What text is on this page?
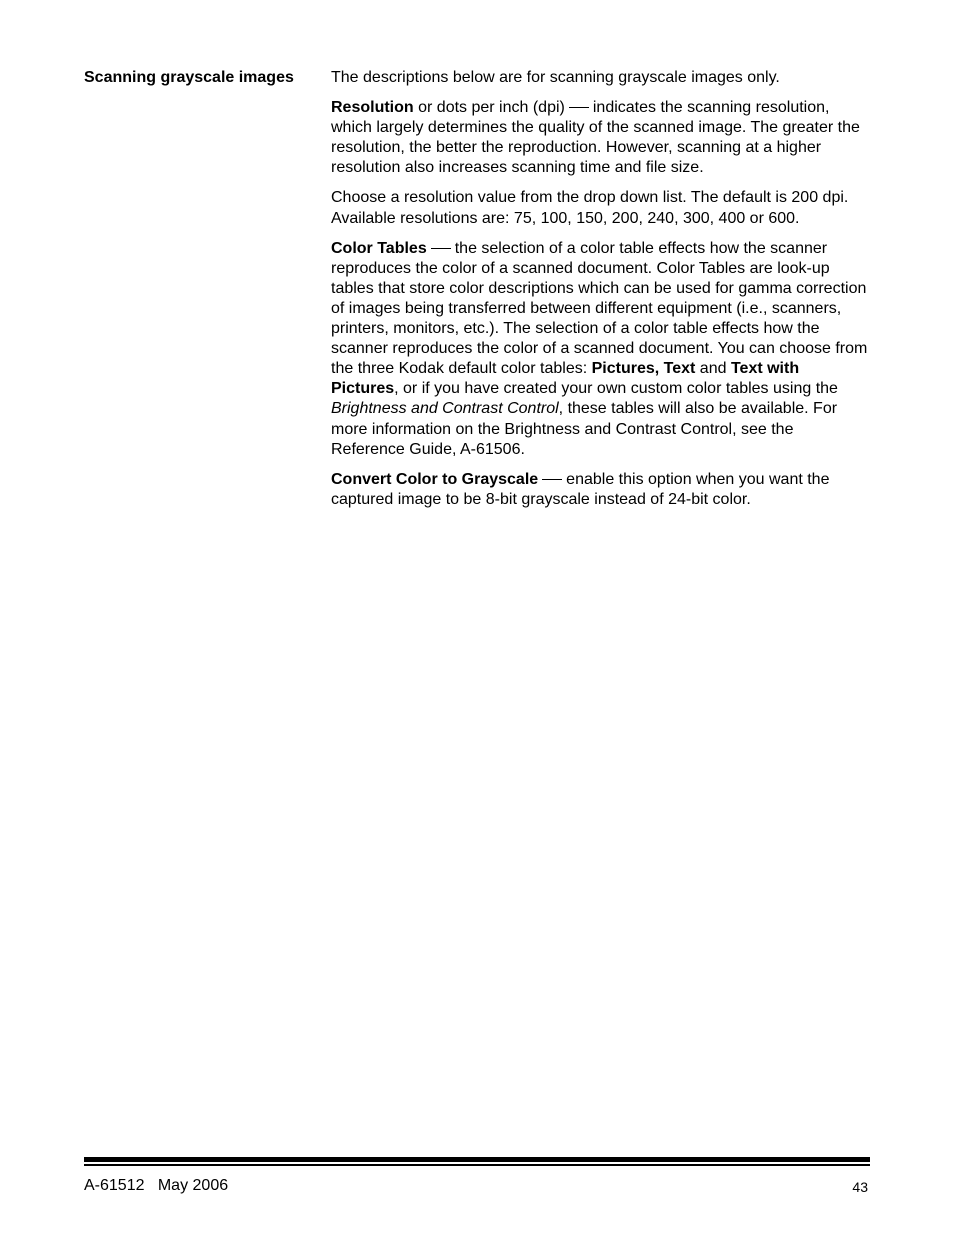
Scanning grayscale images	The descriptions below are for scanning grayscale images only.

Resolution or dots per inch (dpi) indicates the scanning resolution, which largely determines the quality of the scanned image. The greater the resolution, the better the reproduction. However, scanning at a higher resolution also increases scanning time and file size.

Choose a resolution value from the drop down list. The default is 200 dpi. Available resolutions are: 75, 100, 150, 200, 240, 300, 400 or 600.

Color Tables the selection of a color table effects how the scanner reproduces the color of a scanned document. Color Tables are look-up tables that store color descriptions which can be used for gamma correction of images being transferred between different equipment (i.e., scanners, printers, monitors, etc.). The selection of a color table effects how the scanner reproduces the color of a scanned document. You can choose from the three Kodak default color tables: Pictures, Text and Text with Pictures, or if you have created your own custom color tables using the Brightness and Contrast Control, these tables will also be available. For more information on the Brightness and Contrast Control, see the Reference Guide, A-61506.

Convert Color to Grayscale enable this option when you want the captured image to be 8-bit grayscale instead of 24-bit color.

A-61512 May 2006	43
